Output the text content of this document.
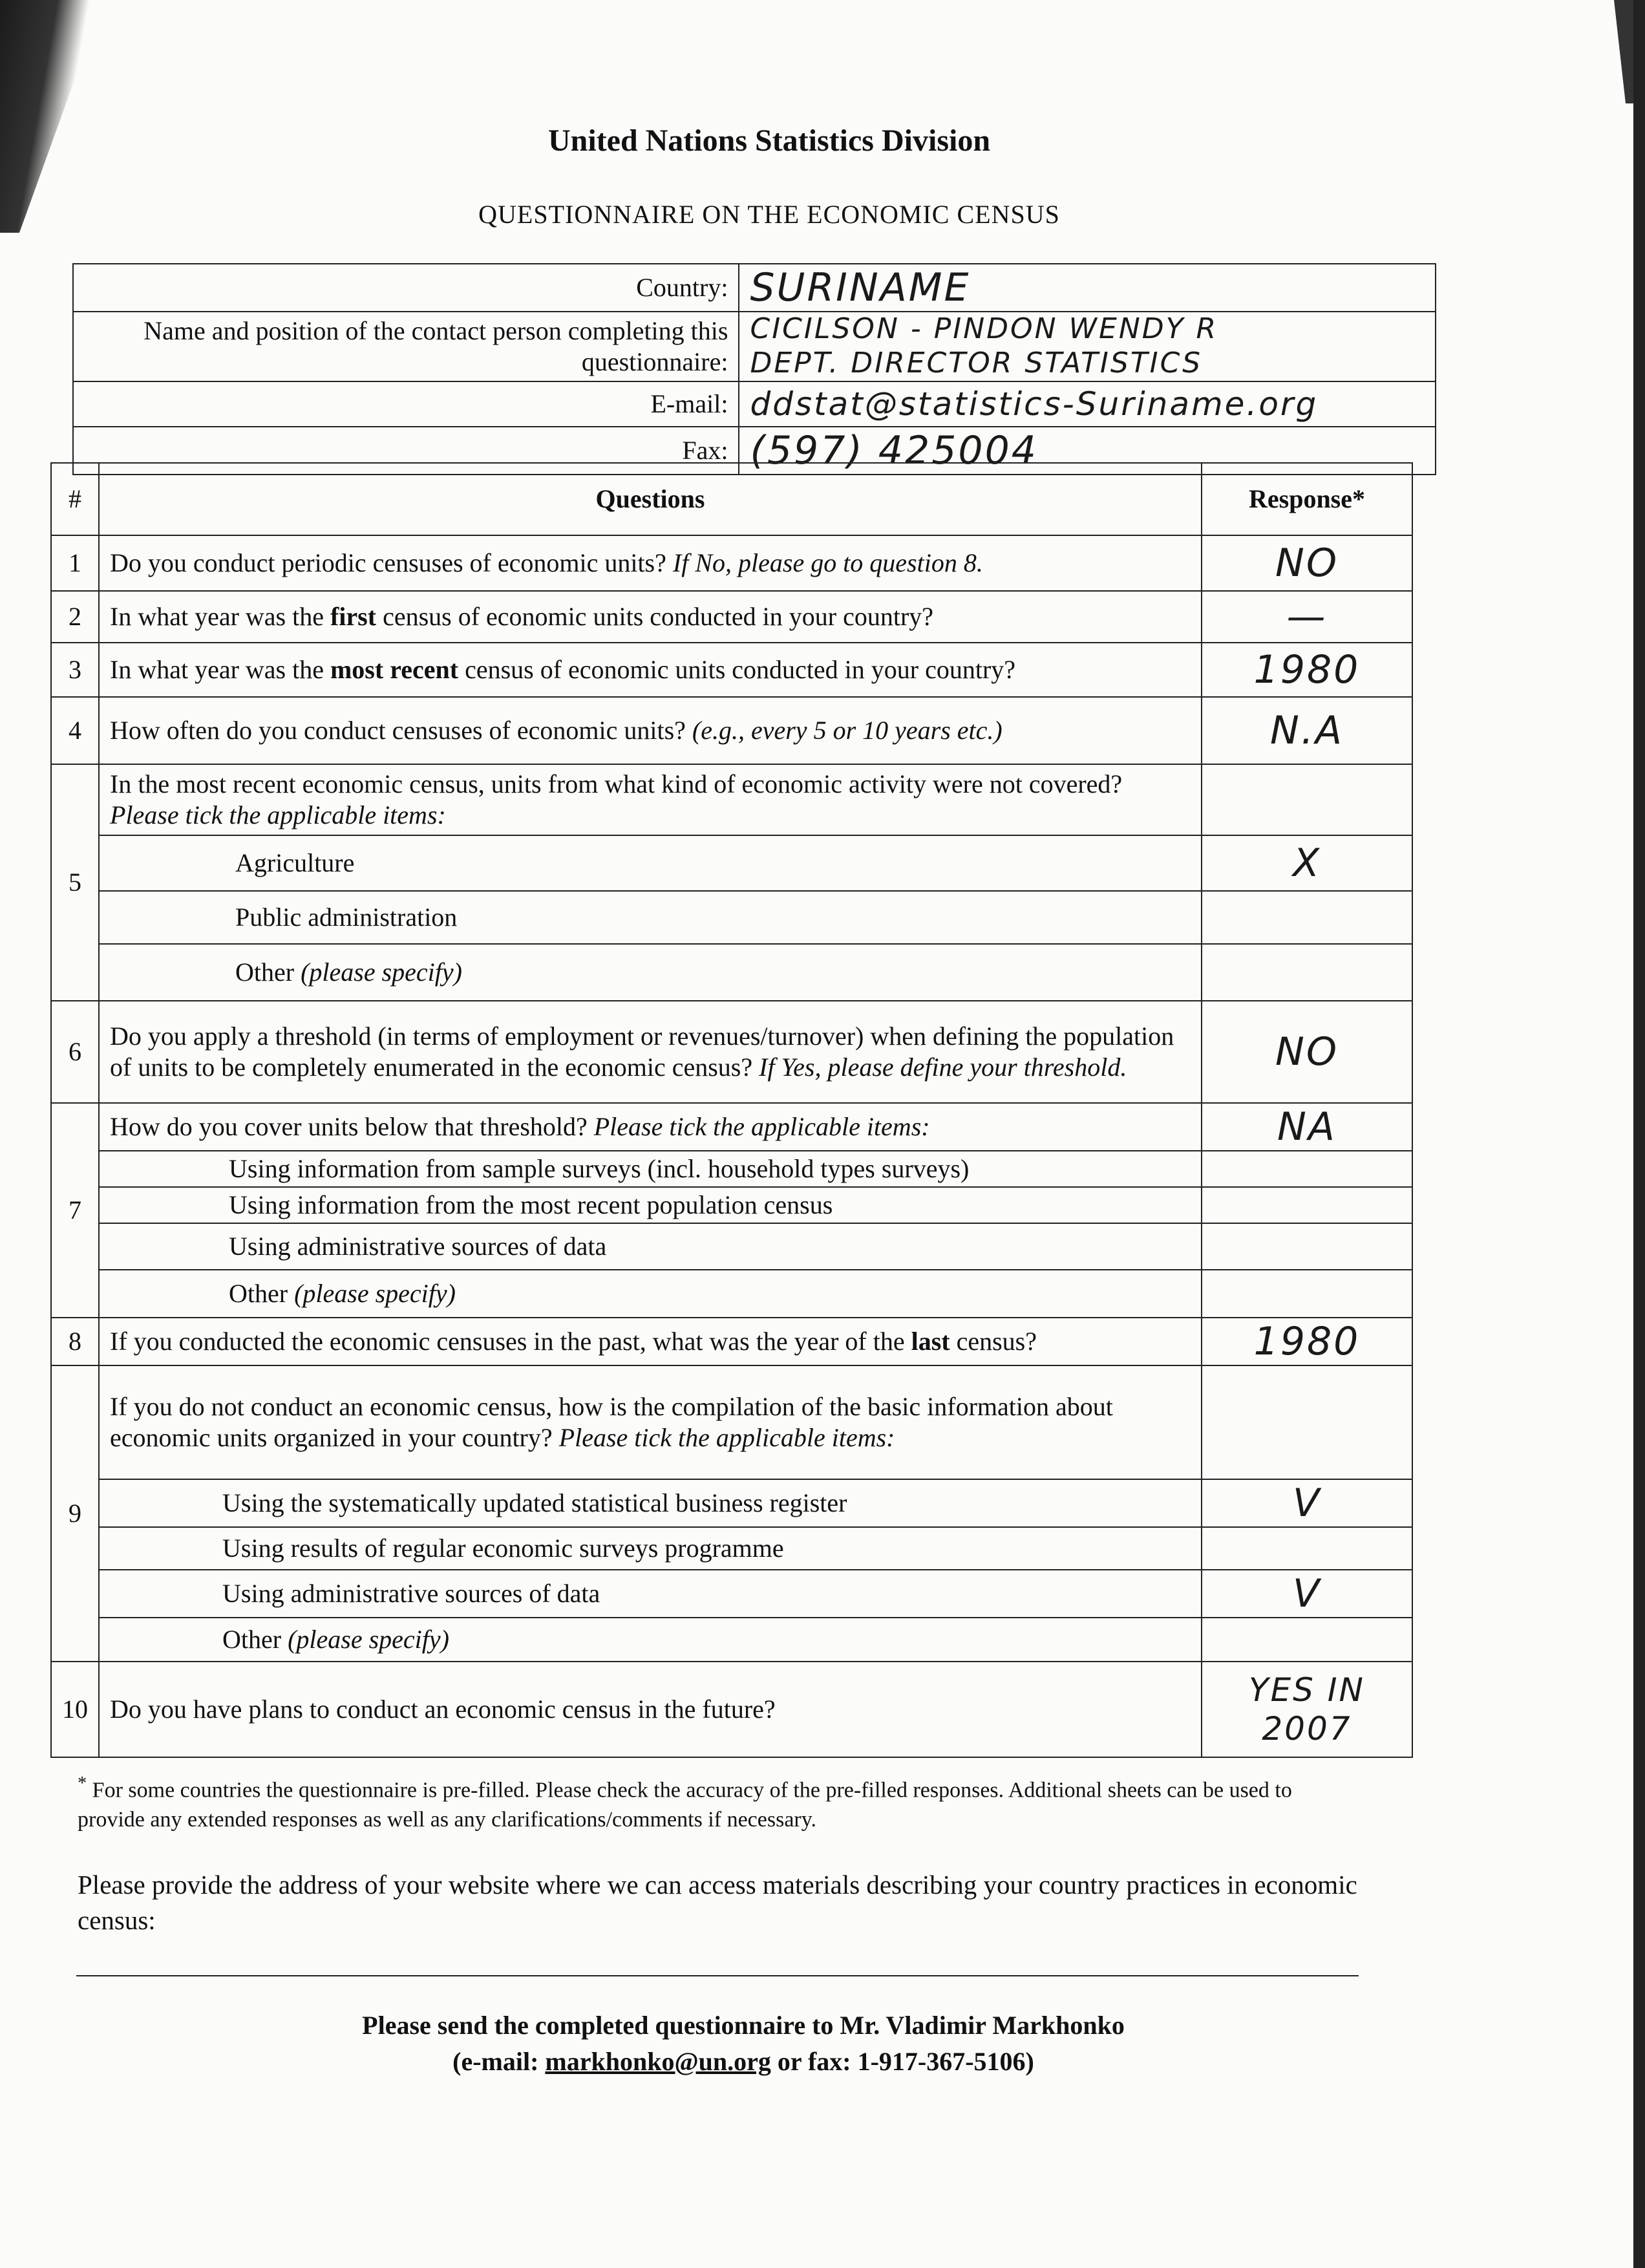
United Nations Statistics Division
QUESTIONNAIRE ON THE ECONOMIC CENSUS
Country:	SURINAME
Name and position of the contact person completing this questionnaire:	CICILSON - PINDON WENDY R
DEPT. DIRECTOR STATISTICS

E-mail:	ddstat@statistics-Suriname.org
Fax:	(597) 425004
#	Questions	Response*
1	Do you conduct periodic censuses of economic units? If No, please go to question 8.	NO
2	In what year was the first census of economic units conducted in your country?	—
3	In what year was the most recent census of economic units conducted in your country?	1980
4	How often do you conduct censuses of economic units? (e.g., every 5 or 10 years etc.)	N.A
5	In the most recent economic census, units from what kind of economic activity were not covered? Please tick the applicable items:	
	Agriculture	X
	Public administration	
	Other (please specify)	
6	Do you apply a threshold (in terms of employment or revenues/turnover) when defining the population of units to be completely enumerated in the economic census? If Yes, please define your threshold.	NO
7	How do you cover units below that threshold? Please tick the applicable items:	NA
	Using information from sample surveys (incl. household types surveys)	
	Using information from the most recent population census	
	Using administrative sources of data	
	Other (please specify)	
8	If you conducted the economic censuses in the past, what was the year of the last census?	1980
9	If you do not conduct an economic census, how is the compilation of the basic information about economic units organized in your country? Please tick the applicable items:	
	Using the systematically updated statistical business register	V
	Using results of regular economic surveys programme	
	Using administrative sources of data	V
	Other (please specify)	
10	Do you have plans to conduct an economic census in the future?	YES IN
2007
* For some countries the questionnaire is pre-filled. Please check the accuracy of the pre-filled responses. Additional sheets can be used to provide any extended responses as well as any clarifications/comments if necessary.
Please provide the address of your website where we can access materials describing your country practices in economic census:
Please send the completed questionnaire to Mr. Vladimir Markhonko
(e-mail: markhonko@un.org or fax: 1-917-367-5106)
